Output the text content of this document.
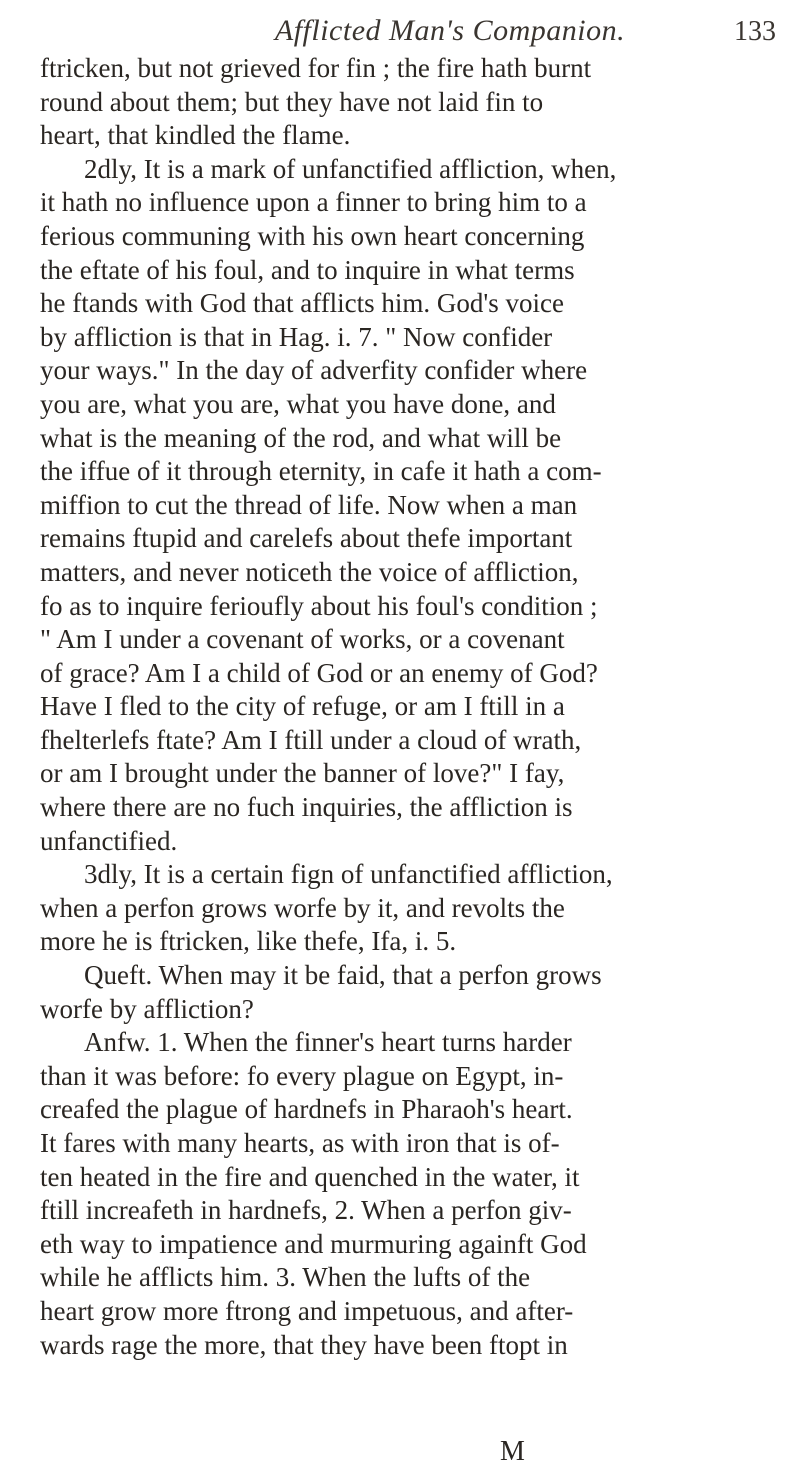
Afflicted Man's Companion.	133
ftricken, but not grieved for fin ; the fire hath burnt
round about them; but they have not laid fin to
heart, that kindled the flame.
2dly, It is a mark of unfanctified affliction, when,
it hath no influence upon a finner to bring him to a
ferious communing with his own heart concerning
the eftate of his foul, and to inquire in what terms
he ftands with God that afflicts him. God's voice
by affliction is that in Hag. i. 7. " Now confider
your ways." In the day of adverfity confider where
you are, what you are, what you have done, and
what is the meaning of the rod, and what will be
the iffue of it through eternity, in cafe it hath a com-
miffion to cut the thread of life. Now when a man
remains ftupid and carelefs about thefe important
matters, and never noticeth the voice of affliction,
fo as to inquire ferioufly about his foul's condition ;
" Am I under a covenant of works, or a covenant
of grace? Am I a child of God or an enemy of God?
Have I fled to the city of refuge, or am I ftill in a
fhelterlefs ftate? Am I ftill under a cloud of wrath,
or am I brought under the banner of love?" I fay,
where there are no fuch inquiries, the affliction is
unfanctified.
3dly, It is a certain fign of unfanctified affliction,
when a perfon grows worfe by it, and revolts the
more he is ftricken, like thefe, Ifa, i. 5.
Queft. When may it be faid, that a perfon grows
worfe by affliction?
Anfw. 1. When the finner's heart turns harder
than it was before: fo every plague on Egypt, in-
creafed the plague of hardnefs in Pharaoh's heart.
It fares with many hearts, as with iron that is of-
ten heated in the fire and quenched in the water, it
ftill increafeth in hardnefs, 2. When a perfon giv-
eth way to impatience and murmuring againft God
while he afflicts him. 3. When the lufts of the
heart grow more ftrong and impetuous, and after-
wards rage the more, that they have been ftopt in
M
